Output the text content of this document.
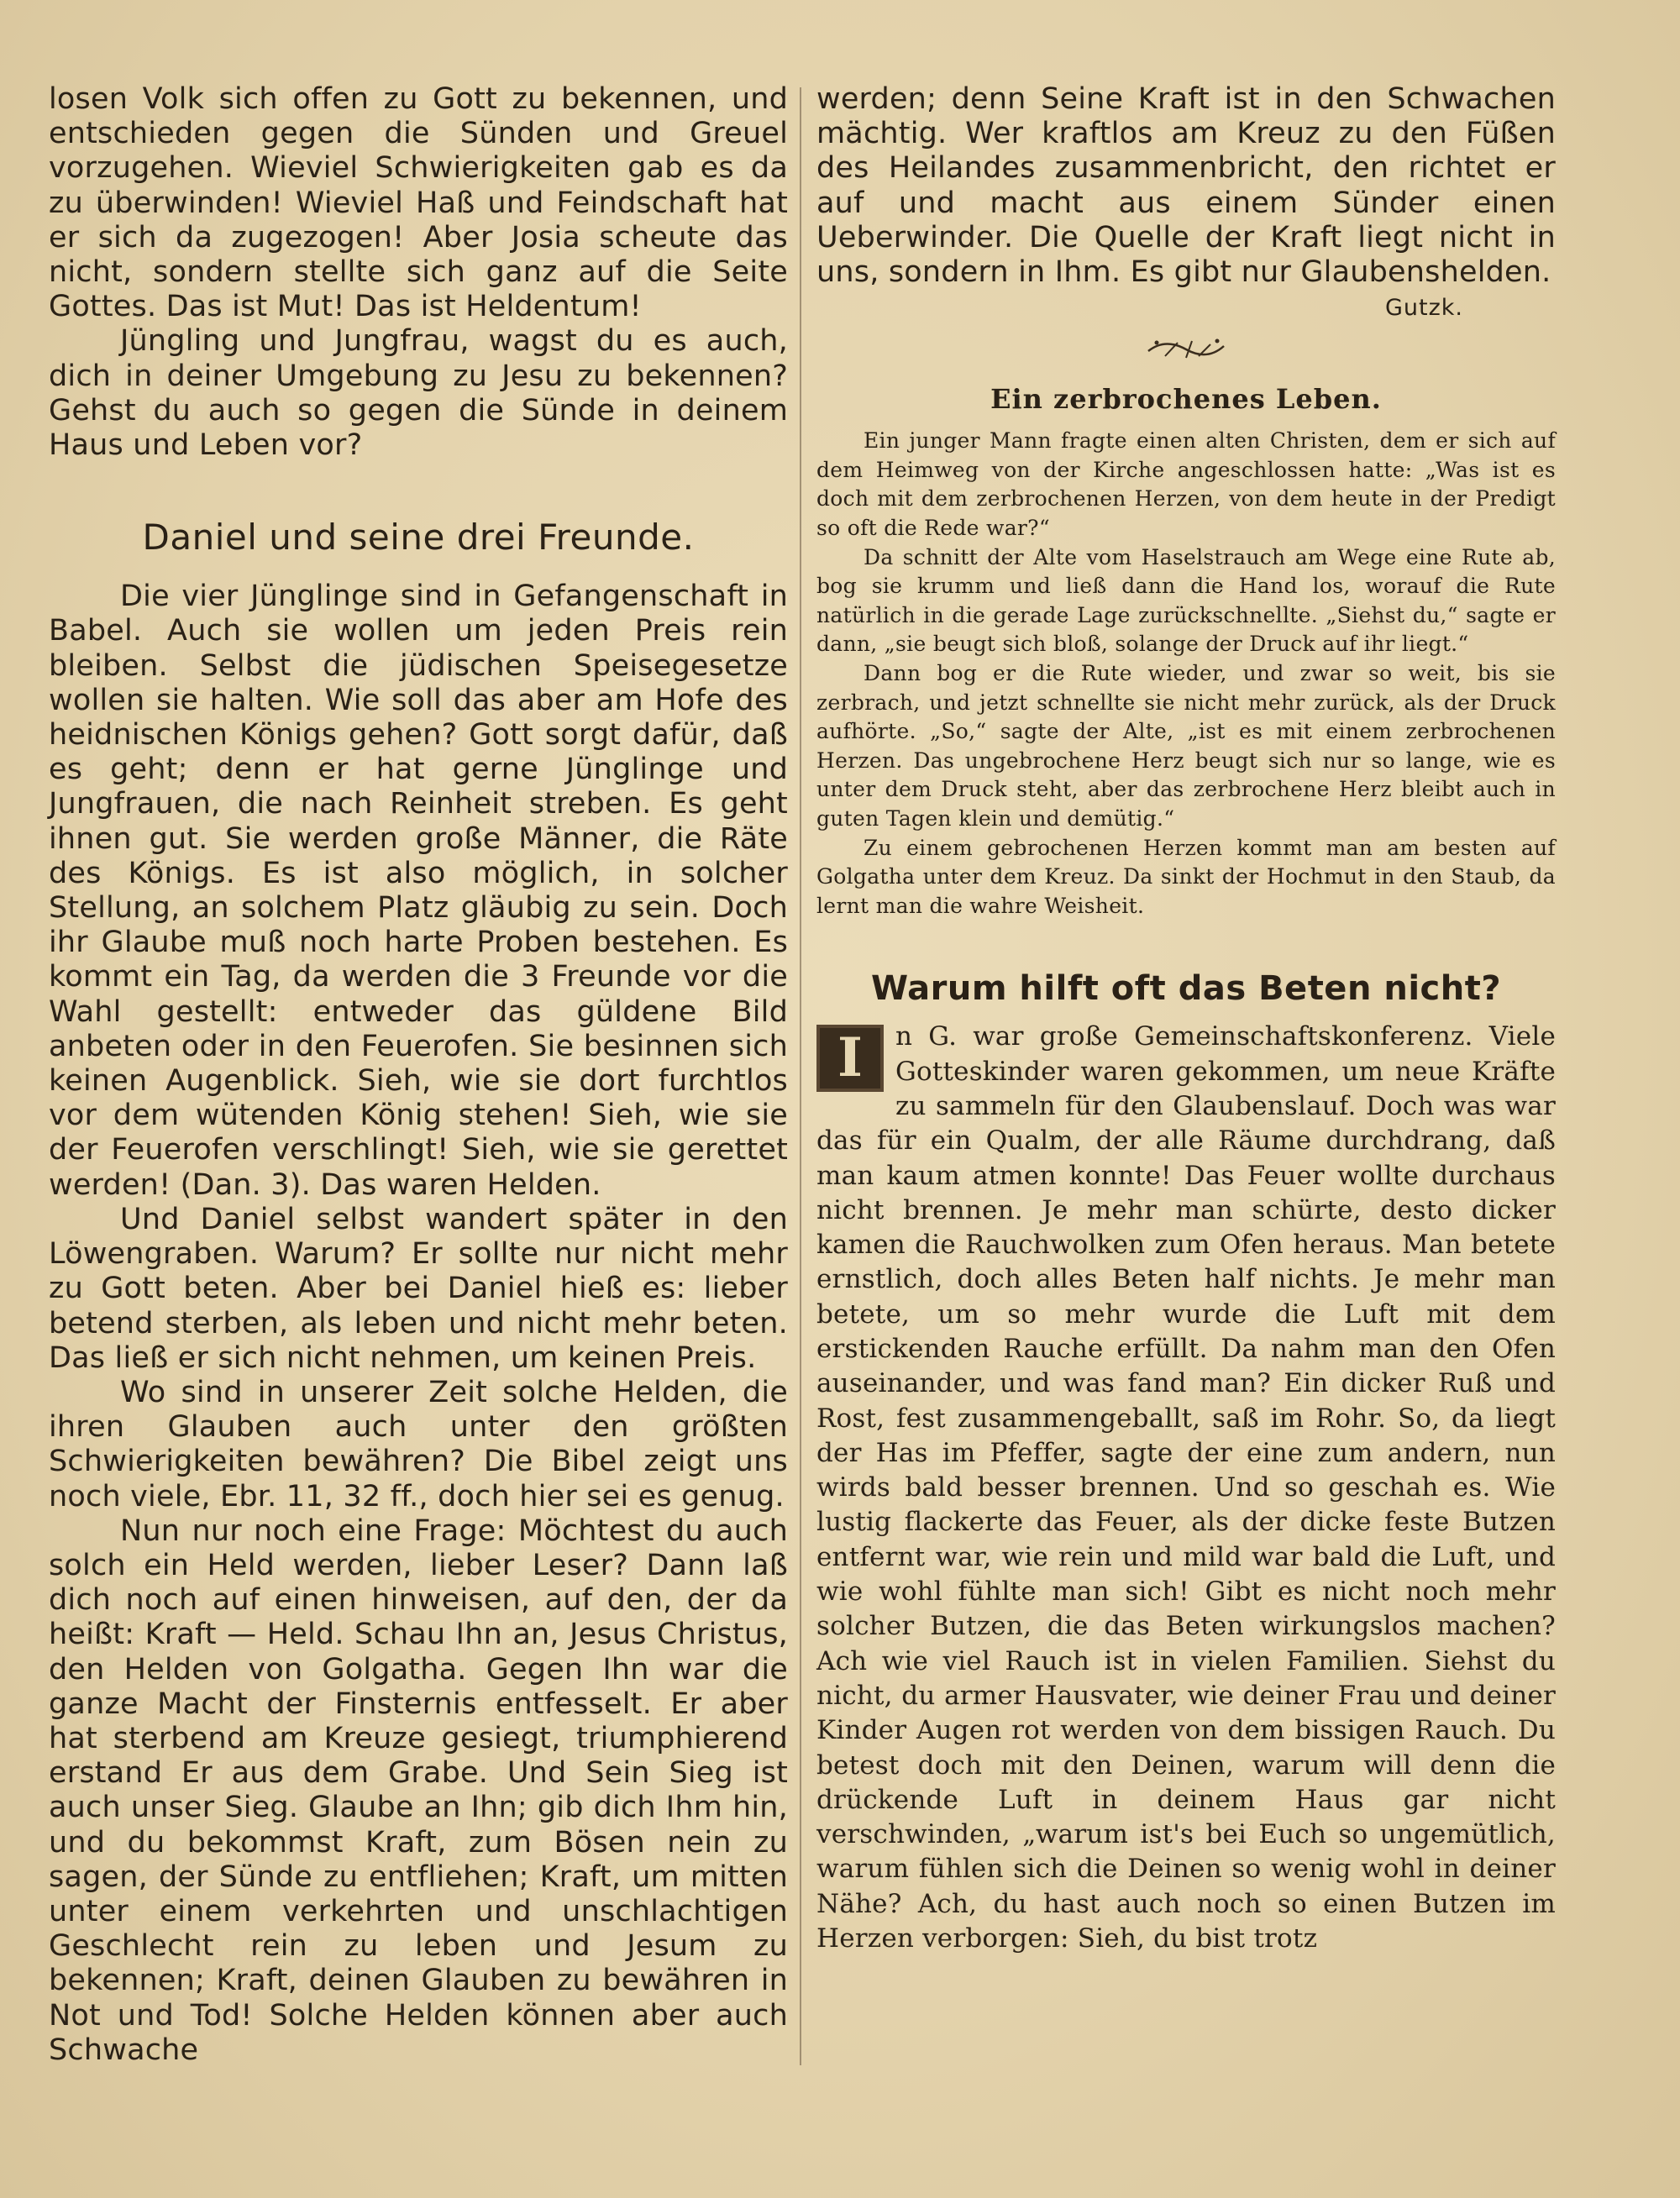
losen Volk sich offen zu Gott zu bekennen, und entschieden gegen die Sünden und Greuel vorzugehen. Wieviel Schwierigkeiten gab es da zu überwinden! Wieviel Haß und Feindschaft hat er sich da zugezogen! Aber Josia scheute das nicht, sondern stellte sich ganz auf die Seite Gottes. Das ist Mut! Das ist Heldentum!

Jüngling und Jungfrau, wagst du es auch, dich in deiner Umgebung zu Jesu zu bekennen? Gehst du auch so gegen die Sünde in deinem Haus und Leben vor?

Daniel und seine drei Freunde.

Die vier Jünglinge sind in Gefangenschaft in Babel. Auch sie wollen um jeden Preis rein bleiben. Selbst die jüdischen Speisegesetze wollen sie halten. Wie soll das aber am Hofe des heidnischen Königs gehen? Gott sorgt dafür, daß es geht; denn er hat gerne Jünglinge und Jungfrauen, die nach Reinheit streben. Es geht ihnen gut. Sie werden große Männer, die Räte des Königs. Es ist also möglich, in solcher Stellung, an solchem Platz gläubig zu sein. Doch ihr Glaube muß noch harte Proben bestehen. Es kommt ein Tag, da werden die 3 Freunde vor die Wahl gestellt: entweder das güldene Bild anbeten oder in den Feuerofen. Sie besinnen sich keinen Augenblick. Sieh, wie sie dort furchtlos vor dem wütenden König stehen! Sieh, wie sie der Feuerofen verschlingt! Sieh, wie sie gerettet werden! (Dan. 3). Das waren Helden.

Und Daniel selbst wandert später in den Löwengraben. Warum? Er sollte nur nicht mehr zu Gott beten. Aber bei Daniel hieß es: lieber betend sterben, als leben und nicht mehr beten. Das ließ er sich nicht nehmen, um keinen Preis.

Wo sind in unserer Zeit solche Helden, die ihren Glauben auch unter den größten Schwierigkeiten bewähren? Die Bibel zeigt uns noch viele, Ebr. 11, 32 ff., doch hier sei es genug.

Nun nur noch eine Frage: Möchtest du auch solch ein Held werden, lieber Leser? Dann laß dich noch auf einen hinweisen, auf den, der da heißt: Kraft — Held. Schau Ihn an, Jesus Christus, den Helden von Golgatha. Gegen Ihn war die ganze Macht der Finsternis entfesselt. Er aber hat sterbend am Kreuze gesiegt, triumphierend erstand Er aus dem Grabe. Und Sein Sieg ist auch unser Sieg. Glaube an Ihn; gib dich Ihm hin, und du bekommst Kraft, zum Bösen nein zu sagen, der Sünde zu entfliehen; Kraft, um mitten unter einem verkehrten und unschlachtigen Geschlecht rein zu leben und Jesum zu bekennen; Kraft, deinen Glauben zu bewähren in Not und Tod! Solche Helden können aber auch Schwache

werden; denn Seine Kraft ist in den Schwachen mächtig. Wer kraftlos am Kreuz zu den Füßen des Heilandes zusammenbricht, den richtet er auf und macht aus einem Sünder einen Ueberwinder. Die Quelle der Kraft liegt nicht in uns, sondern in Ihm. Es gibt nur Glaubenshelden.

Gutzk.
Ein zerbrochenes Leben.

Ein junger Mann fragte einen alten Christen, dem er sich auf dem Heimweg von der Kirche angeschlossen hatte: „Was ist es doch mit dem zerbrochenen Herzen, von dem heute in der Predigt so oft die Rede war?“

Da schnitt der Alte vom Haselstrauch am Wege eine Rute ab, bog sie krumm und ließ dann die Hand los, worauf die Rute natürlich in die gerade Lage zurückschnellte. „Siehst du,“ sagte er dann, „sie beugt sich bloß, solange der Druck auf ihr liegt.“

Dann bog er die Rute wieder, und zwar so weit, bis sie zerbrach, und jetzt schnellte sie nicht mehr zurück, als der Druck aufhörte. „So,“ sagte der Alte, „ist es mit einem zerbrochenen Herzen. Das ungebrochene Herz beugt sich nur so lange, wie es unter dem Druck steht, aber das zerbrochene Herz bleibt auch in guten Tagen klein und demütig.“

Zu einem gebrochenen Herzen kommt man am besten auf Golgatha unter dem Kreuz. Da sinkt der Hochmut in den Staub, da lernt man die wahre Weisheit.

Warum hilft oft das Beten nicht?
I	n G. war große Gemeinschaftskonferenz. Viele Gotteskinder waren gekommen, um neue Kräfte zu sammeln für den Glaubenslauf. Doch was war das für ein Qualm, der alle Räume durchdrang, daß man kaum atmen konnte! Das Feuer wollte durchaus nicht brennen. Je mehr man schürte, desto dicker kamen die Rauchwolken zum Ofen heraus. Man betete ernstlich, doch alles Beten half nichts. Je mehr man betete, um so mehr wurde die Luft mit dem erstickenden Rauche erfüllt. Da nahm man den Ofen auseinander, und was fand man? Ein dicker Ruß und Rost, fest zusammengeballt, saß im Rohr. So, da liegt der Has im Pfeffer, sagte der eine zum andern, nun wirds bald besser brennen. Und so geschah es. Wie lustig flackerte das Feuer, als der dicke feste Butzen entfernt war, wie rein und mild war bald die Luft, und wie wohl fühlte man sich! Gibt es nicht noch mehr solcher Butzen, die das Beten wirkungslos machen? Ach wie viel Rauch ist in vielen Familien. Siehst du nicht, du armer Hausvater, wie deiner Frau und deiner Kinder Augen rot werden von dem bissigen Rauch. Du betest doch mit den Deinen, warum will denn die drückende Luft in deinem Haus gar nicht verschwinden, „warum ist's bei Euch so ungemütlich, warum fühlen sich die Deinen so wenig wohl in deiner Nähe? Ach, du hast auch noch so einen Butzen im Herzen verborgen: Sieh, du bist trotz
